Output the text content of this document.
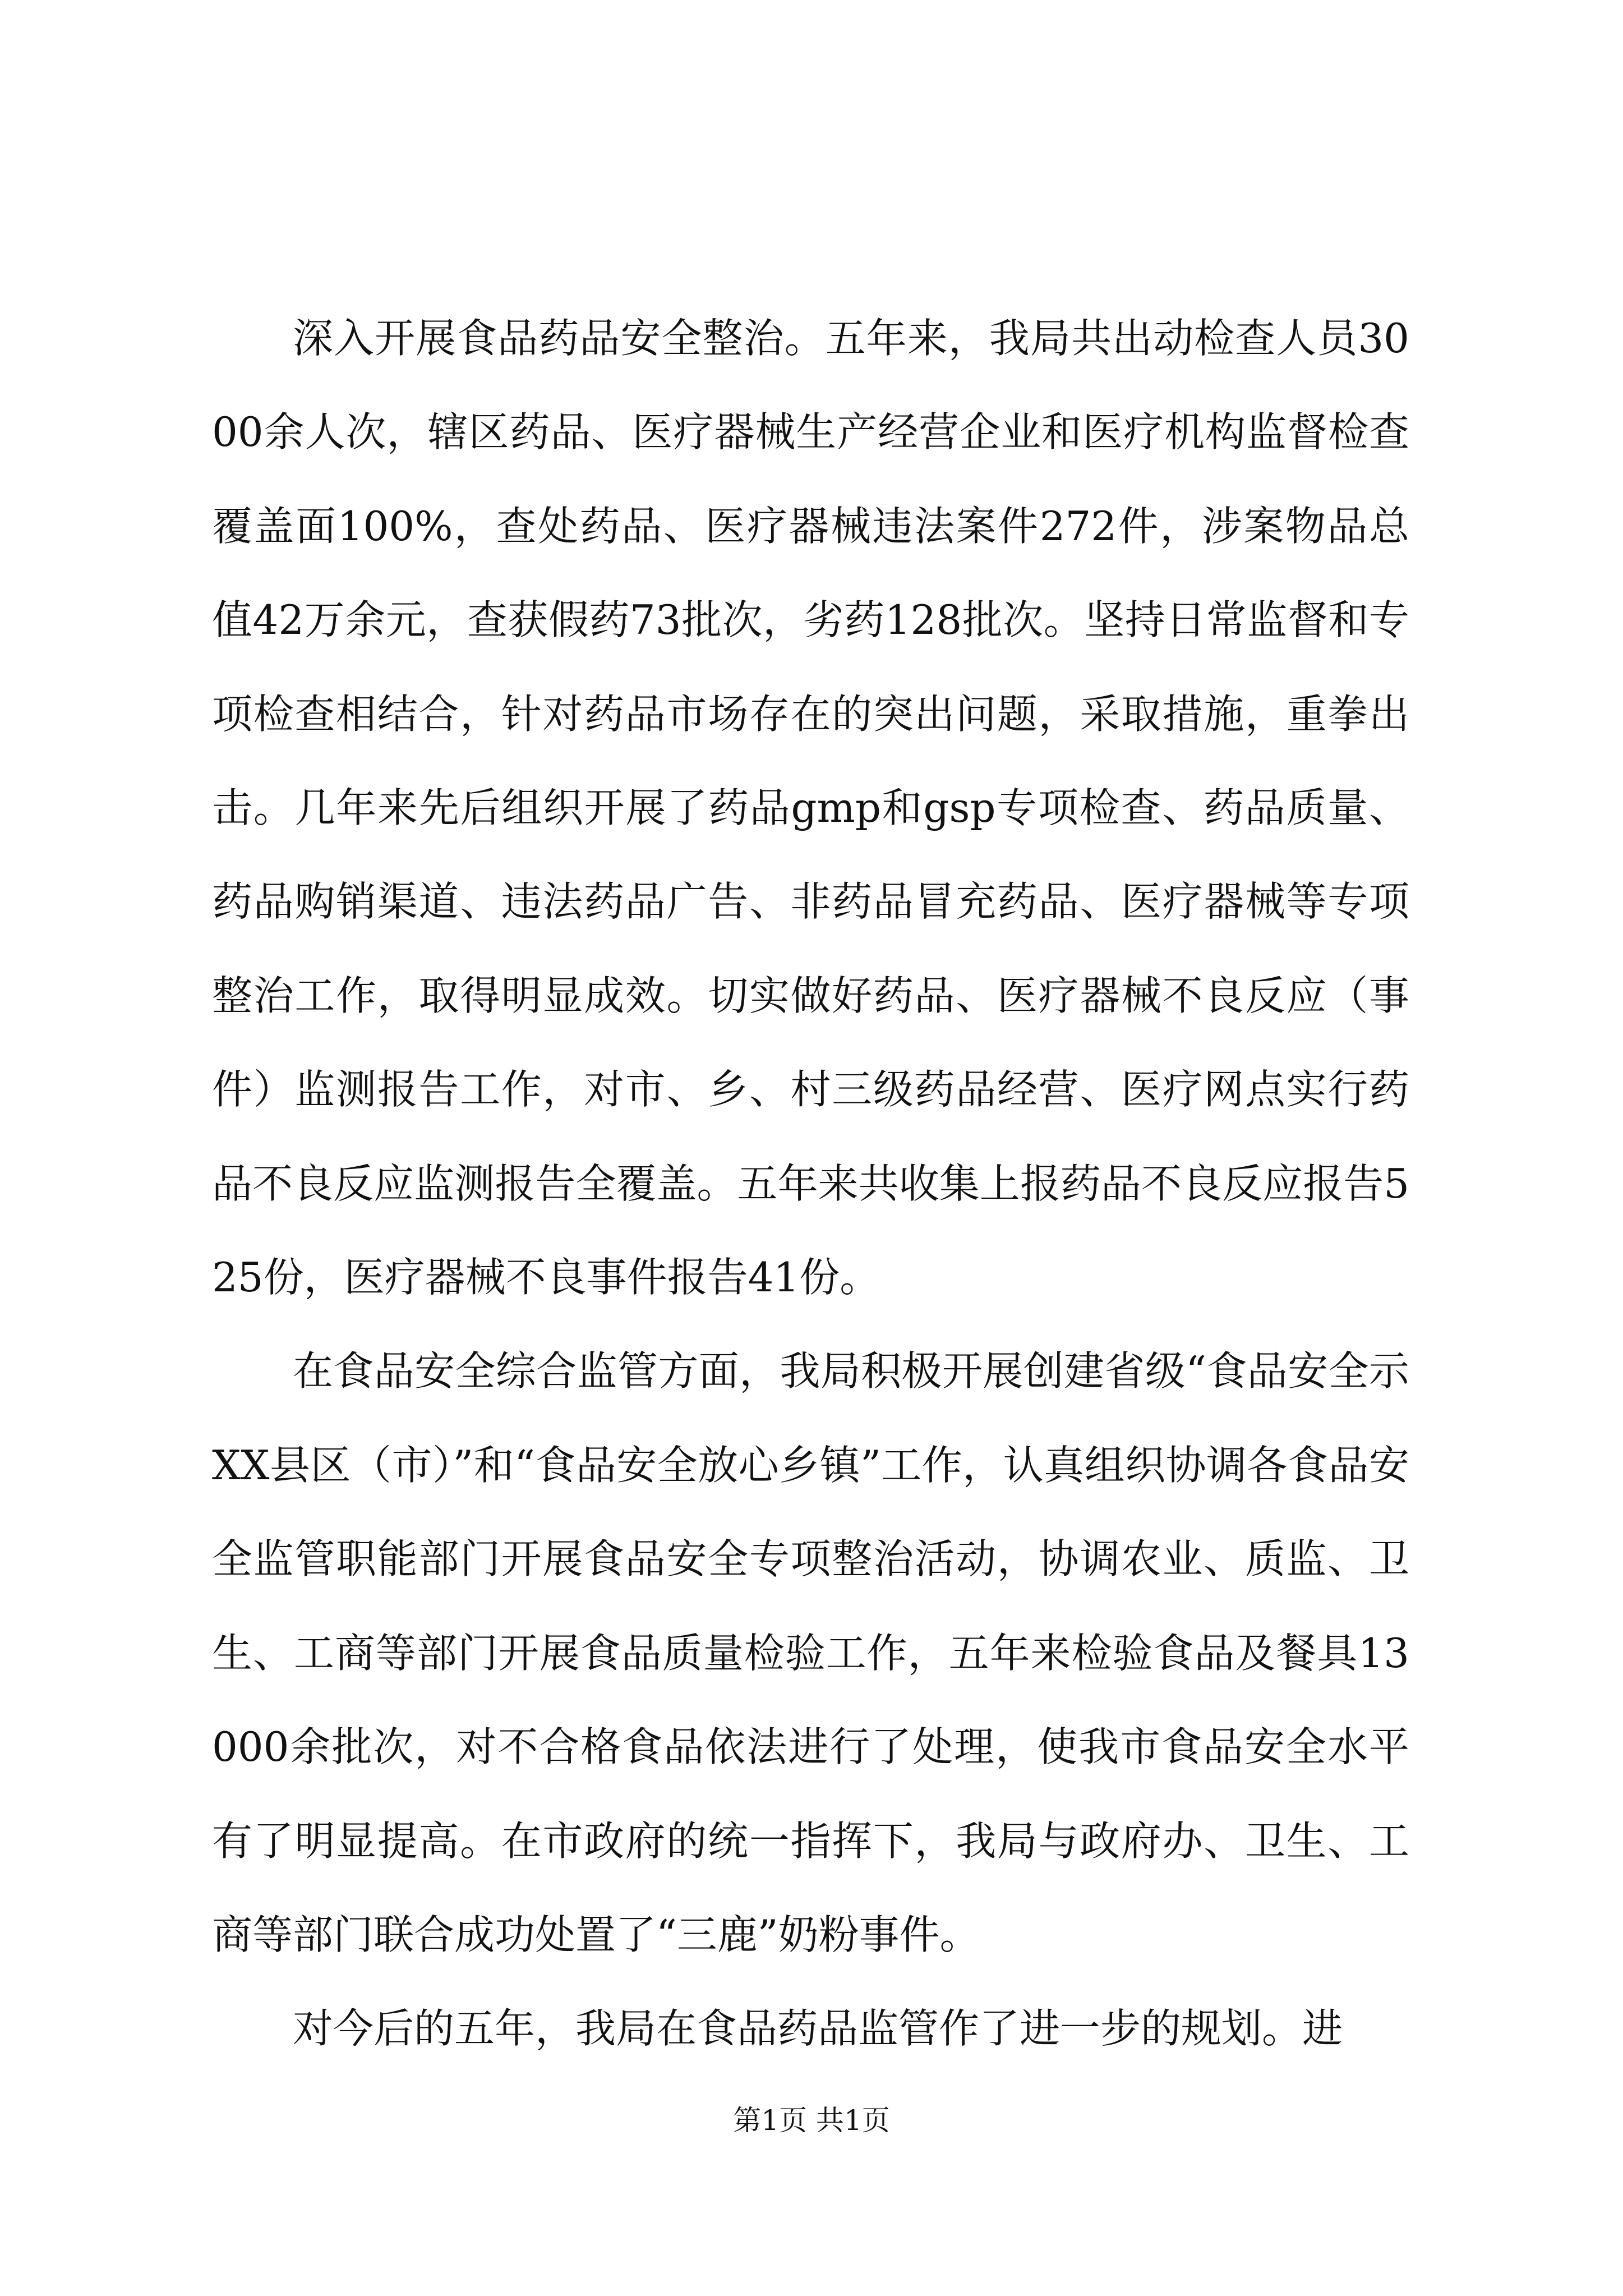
深入开展食品药品安全整治。五年来，我局共出动检查人员3000余人次，辖区药品、医疗器械生产经营企业和医疗机构监督检查覆盖面100%，查处药品、医疗器械违法案件272件，涉案物品总值42万余元，查获假药73批次，劣药128批次。坚持日常监督和专项检查相结合，针对药品市场存在的突出问题，采取措施，重拳出击。几年来先后组织开展了药品gmp和gsp专项检查、药品质量、药品购销渠道、违法药品广告、非药品冒充药品、医疗器械等专项整治工作，取得明显成效。切实做好药品、医疗器械不良反应（事件）监测报告工作，对市、乡、村三级药品经营、医疗网点实行药品不良反应监测报告全覆盖。五年来共收集上报药品不良反应报告525份，医疗器械不良事件报告41份。

在食品安全综合监管方面，我局积极开展创建省级“食品安全示XX县区（市）”和“食品安全放心乡镇”工作，认真组织协调各食品安全监管职能部门开展食品安全专项整治活动，协调农业、质监、卫生、工商等部门开展食品质量检验工作，五年来检验食品及餐具13000余批次，对不合格食品依法进行了处理，使我市食品安全水平有了明显提高。在市政府的统一指挥下，我局与政府办、卫生、工商等部门联合成功处置了“三鹿”奶粉事件。

对今后的五年，我局在食品药品监管作了进一步的规划。进

第1页 共1页
